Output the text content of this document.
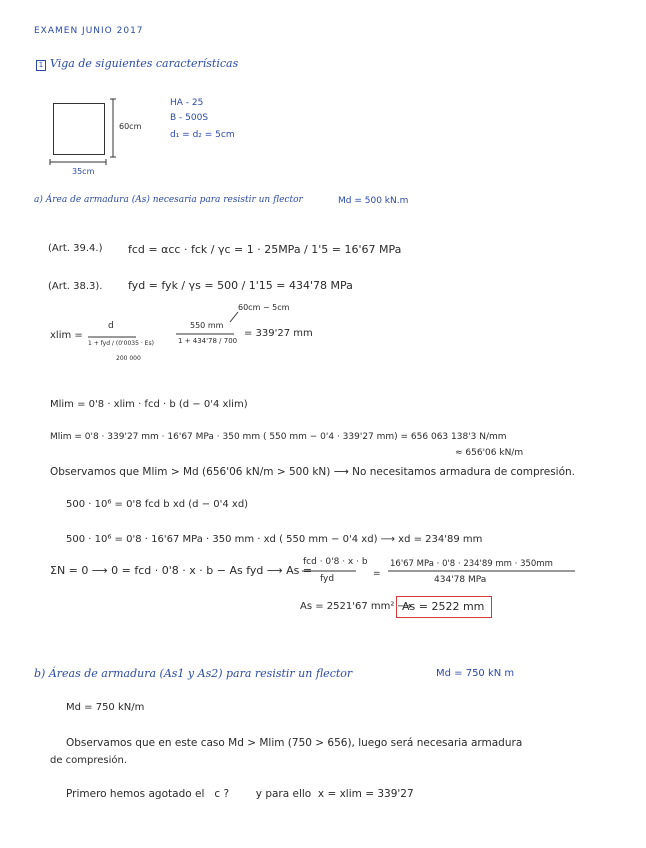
EXAMEN JUNIO 2017
1 Viga de siguientes características
60cm
35cm
HA - 25
B - 500S
d₁ = d₂ = 5cm
a) Área de armadura (As) necesaria para resistir un flector	Md = 500 kN.m
(Art. 39.4.) fcd = αcc · fck / γc = 1 · 25MPa / 1'5 = 16'67 MPa
(Art. 38.3). fyd = fyk / γs = 500 / 1'15 = 434'78 MPa
60cm − 5cm
xlim =
d
1 + fyd / (0'0035 · Es)
200 000
550 mm
1 + 434'78 / 700
= 339'27 mm
Mlim = 0'8 · xlim · fcd · b (d − 0'4 xlim)
Mlim = 0'8 · 339'27 mm · 16'67 MPa · 350 mm ( 550 mm − 0'4 · 339'27 mm) = 656 063 138'3 N/mm
≈ 656'06 kN/m
Observamos que Mlim > Md (656'06 kN/m > 500 kN) ⟶ No necesitamos armadura de compresión.
500 · 10⁶ = 0'8 fcd b xd (d − 0'4 xd)
500 · 10⁶ = 0'8 · 16'67 MPa · 350 mm · xd ( 550 mm − 0'4 xd) ⟶ xd = 234'89 mm
ΣN = 0 ⟶ 0 = fcd · 0'8 · x · b − As fyd ⟶ As =
fcd · 0'8 · x · b
fyd	=
16'67 MPa · 0'8 · 234'89 mm · 350mm
434'78 MPa
As = 2521'67 mm² ⟶
As = 2522 mm
b) Áreas de armadura (As1 y As2) para resistir un flector	Md = 750 kN m
Md = 750 kN/m
Observamos que en este caso Md > Mlim (750 > 656), luego será necesaria armadura
de compresión.
Primero hemos agotado el   c ?        y para ello  x = xlim = 339'27
